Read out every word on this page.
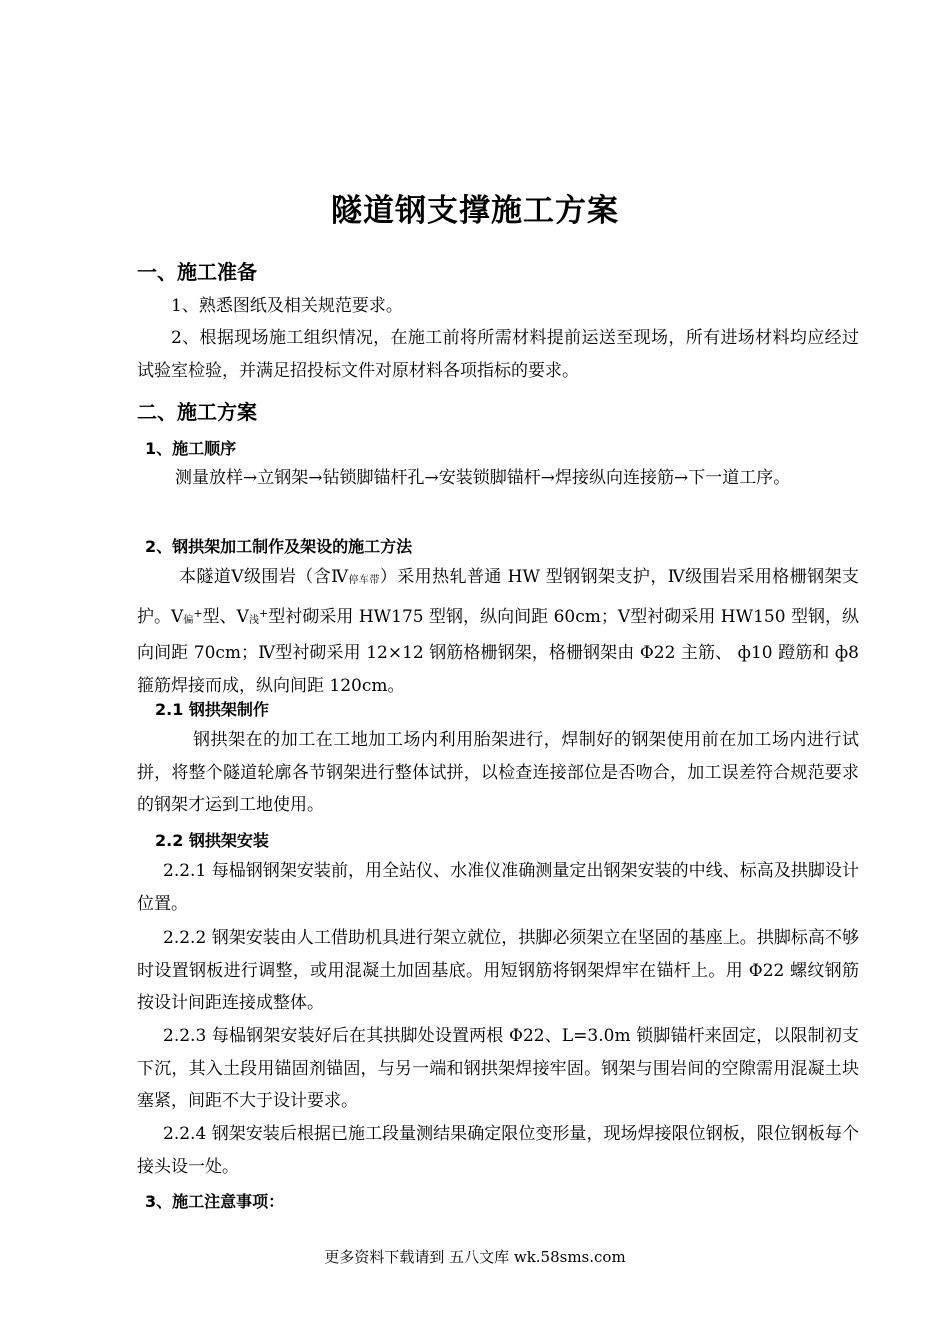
隧道钢支撑施工方案
一、施工准备

1、熟悉图纸及相关规范要求。

2、根据现场施工组织情况，在施工前将所需材料提前运送至现场，所有进场材料均应经过试验室检验，并满足招投标文件对原材料各项指标的要求。

二、施工方案
1、施工顺序

测量放样→立钢架→钻锁脚锚杆孔→安装锁脚锚杆→焊接纵向连接筋→下一道工序。

2、钢拱架加工制作及架设的施工方法

本隧道Ⅴ级围岩（含Ⅳ停车带）采用热轧普通 HW 型钢钢架支护，Ⅳ级围岩采用格栅钢架支护。Ⅴ偏+型、Ⅴ浅+型衬砌采用 HW175 型钢，纵向间距 60cm；Ⅴ型衬砌采用 HW150 型钢，纵向间距 70cm；Ⅳ型衬砌采用 12×12 钢筋格栅钢架，格栅钢架由 Φ22 主筋、 ф10 蹬筋和 ф8 箍筋焊接而成，纵向间距 120cm。

2.1 钢拱架制作

钢拱架在的加工在工地加工场内利用胎架进行，焊制好的钢架使用前在加工场内进行试拼，将整个隧道轮廓各节钢架进行整体试拼，以检查连接部位是否吻合，加工误差符合规范要求的钢架才运到工地使用。

2.2 钢拱架安装

2.2.1 每榀钢钢架安装前，用全站仪、水准仪准确测量定出钢架安装的中线、标高及拱脚设计位置。

2.2.2 钢架安装由人工借助机具进行架立就位，拱脚必须架立在坚固的基座上。拱脚标高不够时设置钢板进行调整，或用混凝土加固基底。用短钢筋将钢架焊牢在锚杆上。用 Φ22 螺纹钢筋按设计间距连接成整体。

2.2.3 每榀钢架安装好后在其拱脚处设置两根 Φ22、L=3.0m 锁脚锚杆来固定，以限制初支下沉，其入土段用锚固剂锚固，与另一端和钢拱架焊接牢固。钢架与围岩间的空隙需用混凝土块塞紧，间距不大于设计要求。

2.2.4 钢架安装后根据已施工段量测结果确定限位变形量，现场焊接限位钢板，限位钢板每个接头设一处。

3、施工注意事项：

更多资料下载请到 五八文库 wk.58sms.com
